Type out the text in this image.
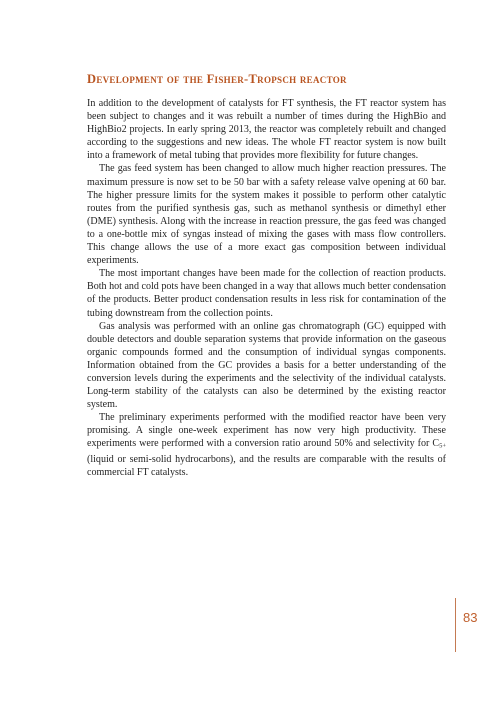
Development of the Fisher-Tropsch reactor

In addition to the development of catalysts for FT synthesis, the FT reactor system has been subject to changes and it was rebuilt a number of times during the HighBio and HighBio2 projects. In early spring 2013, the reactor was completely rebuilt and changed according to the suggestions and new ideas. The whole FT reactor system is now built into a framework of metal tubing that provides more flexibility for future changes.

The gas feed system has been changed to allow much higher reaction pressures. The maximum pressure is now set to be 50 bar with a safety release valve opening at 60 bar. The higher pressure limits for the system makes it possible to perform other catalytic routes from the purified synthesis gas, such as methanol synthesis or dimethyl ether (DME) synthesis. Along with the increase in reaction pressure, the gas feed was changed to a one-bottle mix of syngas instead of mixing the gases with mass flow controllers. This change allows the use of a more exact gas composition between individual experiments.

The most important changes have been made for the collection of reaction products. Both hot and cold pots have been changed in a way that allows much better condensation of the products. Better product condensation results in less risk for contamination of the tubing downstream from the collection points.

Gas analysis was performed with an online gas chromatograph (GC) equipped with double detectors and double separation systems that provide information on the gaseous organic compounds formed and the consumption of individual syngas components. Information obtained from the GC provides a basis for a better understanding of the conversion levels during the experiments and the selectivity of the individual catalysts. Long-term stability of the catalysts can also be determined by the existing reactor system.

The preliminary experiments performed with the modified reactor have been very promising. A single one-week experiment has now very high productivity. These experiments were performed with a conversion ratio around 50% and selectivity for $C_{5+}$ (liquid or semi-solid hydrocarbons), and the results are comparable with the results of commercial FT catalysts.

83
